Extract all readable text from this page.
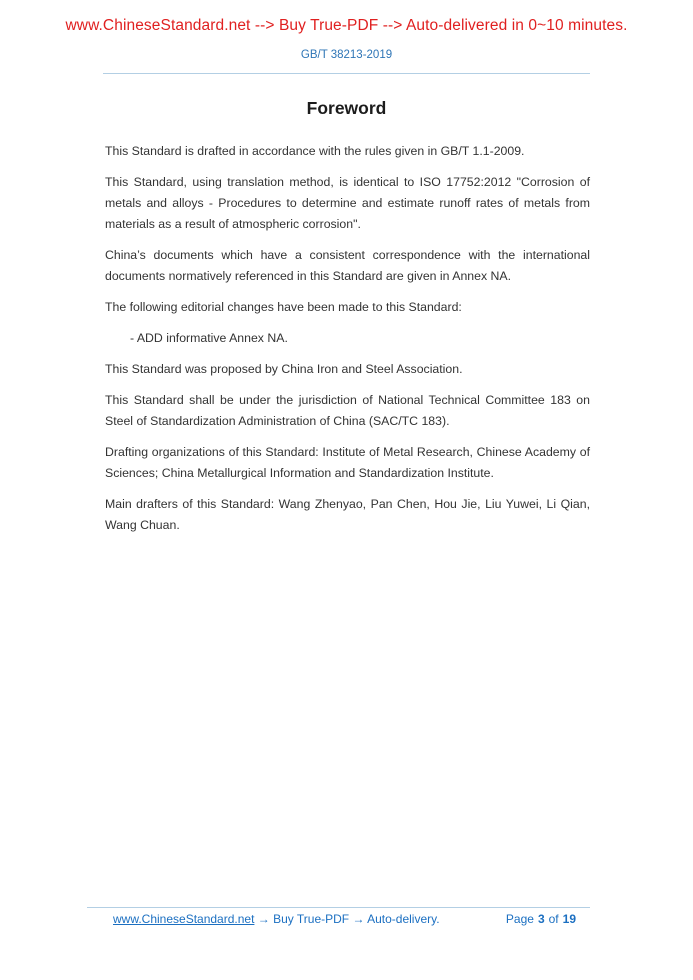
www.ChineseStandard.net --> Buy True-PDF --> Auto-delivered in 0~10 minutes.
GB/T 38213-2019
Foreword

This Standard is drafted in accordance with the rules given in GB/T 1.1-2009.

This Standard, using translation method, is identical to ISO 17752:2012 "Corrosion of metals and alloys - Procedures to determine and estimate runoff rates of metals from materials as a result of atmospheric corrosion".

China’s documents which have a consistent correspondence with the international documents normatively referenced in this Standard are given in Annex NA.

The following editorial changes have been made to this Standard:

- ADD informative Annex NA.

This Standard was proposed by China Iron and Steel Association.

This Standard shall be under the jurisdiction of National Technical Committee 183 on Steel of Standardization Administration of China (SAC/TC 183).

Drafting organizations of this Standard: Institute of Metal Research, Chinese Academy of Sciences; China Metallurgical Information and Standardization Institute.

Main drafters of this Standard: Wang Zhenyao, Pan Chen, Hou Jie, Liu Yuwei, Li Qian, Wang Chuan.

www.ChineseStandard.net → Buy True-PDF → Auto-delivery.	Page 3 of 19
